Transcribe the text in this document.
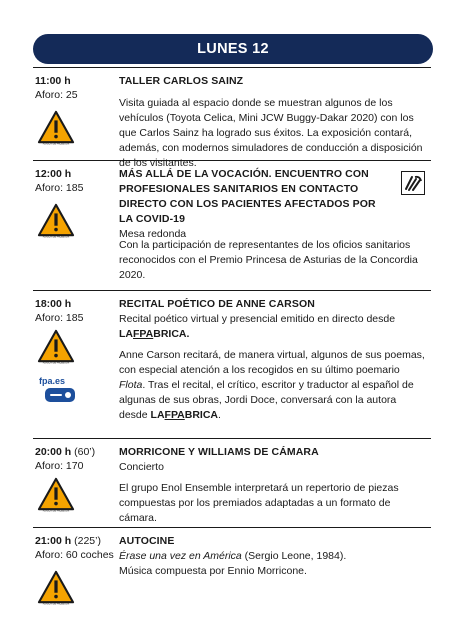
LUNES 12
11:00 h
Aforo: 25
FLASCHI DE FACEBOOK
TALLER CARLOS SAINZ
Visita guiada al espacio donde se muestran algunos de los vehículos (Toyota Celica, Mini JCW Buggy-Dakar 2020) con los que Carlos Sainz ha logrado sus éxitos. La exposición contará, además, con modernos simuladores de conducción a disposición de los visitantes.
12:00 h
Aforo: 185
FLASCHI DE FACEBOOK
MÁS ALLÁ DE LA VOCACIÓN. ENCUENTRO CON PROFESIONALES SANITARIOS EN CONTACTO DIRECTO CON LOS PACIENTES AFECTADOS POR LA COVID-19
Mesa redonda
Con la participación de representantes de los oficios sanitarios reconocidos con el Premio Princesa de Asturias de la Concordia 2020.
18:00 h
Aforo: 185
FLASCHI DE FACEBOOK
fpa.es
RECITAL POÉTICO DE ANNE CARSON
Recital poético virtual y presencial emitido en directo desde
LAFPABRICA.
Anne Carson recitará, de manera virtual, algunos de sus poemas, con especial atención a los recogidos en su último poemario Flota. Tras el recital, el crítico, escritor y traductor al español de algunas de sus obras, Jordi Doce, conversará con la autora desde LAFPABRICA.
20:00 h (60’)
Aforo: 170
FLASCHI DE FACEBOOK
MORRICONE Y WILLIAMS DE CÁMARA
Concierto
El grupo Enol Ensemble interpretará un repertorio de piezas compuestas por los premiados adaptadas a un formato de cámara.
21:00 h (225’)
Aforo: 60 coches
FLASCHI DE FACEBOOK
AUTOCINE
Érase una vez en América (Sergio Leone, 1984).
Música compuesta por Ennio Morricone.
